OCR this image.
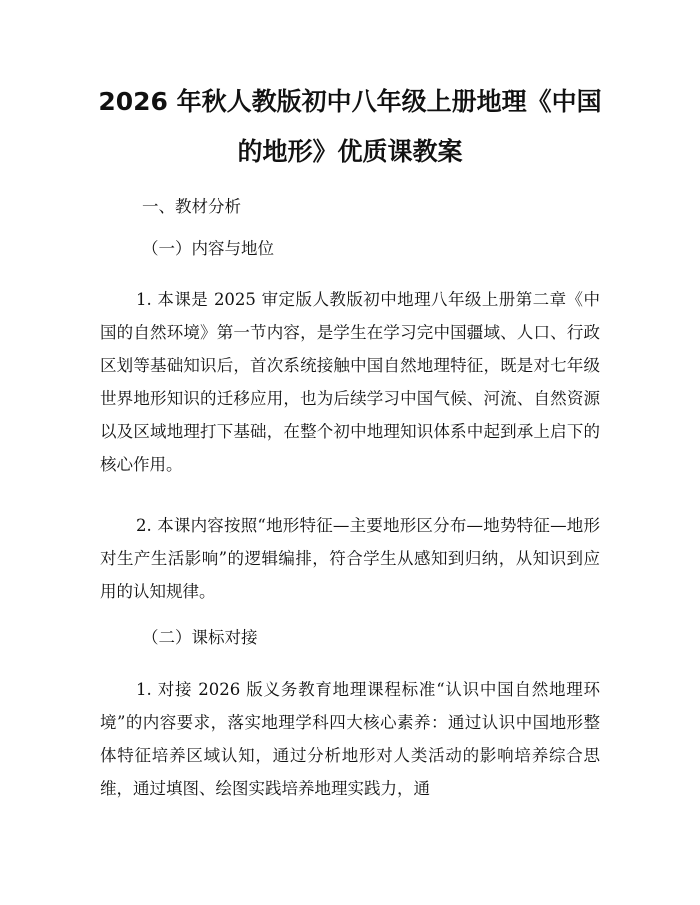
2026 年秋人教版初中八年级上册地理《中国
的地形》优质课教案

一、教材分析

（一）内容与地位

1. 本课是 2025 审定版人教版初中地理八年级上册第二章《中国的自然环境》第一节内容，是学生在学习完中国疆域、人口、行政区划等基础知识后，首次系统接触中国自然地理特征，既是对七年级世界地形知识的迁移应用，也为后续学习中国气候、河流、自然资源以及区域地理打下基础，在整个初中地理知识体系中起到承上启下的核心作用。

2. 本课内容按照“地形特征—主要地形区分布—地势特征—地形对生产生活影响”的逻辑编排，符合学生从感知到归纳，从知识到应用的认知规律。

（二）课标对接

1. 对接 2026 版义务教育地理课程标准“认识中国自然地理环境”的内容要求，落实地理学科四大核心素养：通过认识中国地形整体特征培养区域认知，通过分析地形对人类活动的影响培养综合思维，通过填图、绘图实践培养地理实践力，通
